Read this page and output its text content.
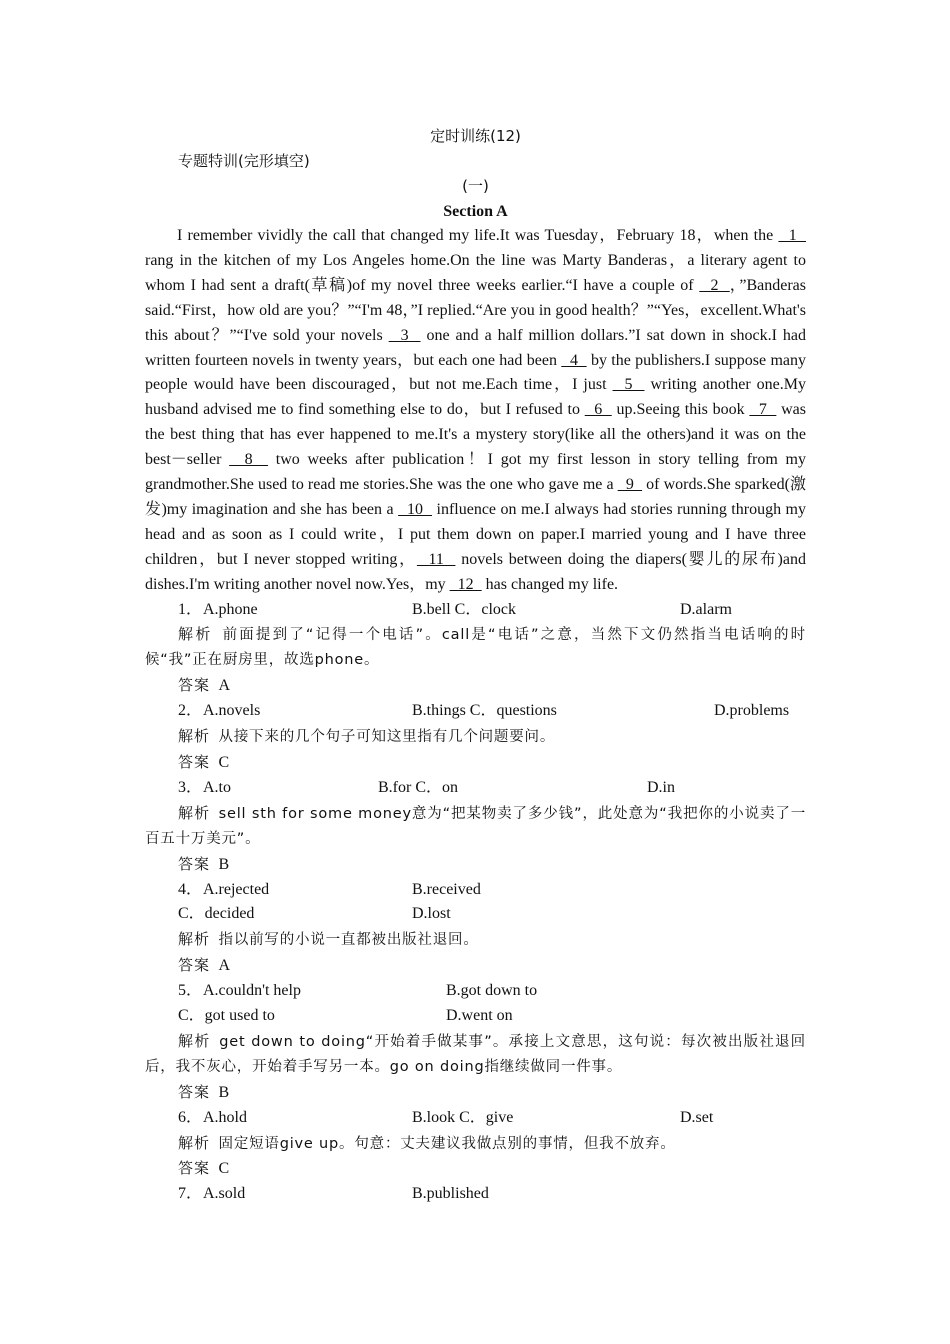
定时训练(12)
专题特训(完形填空)
(一)
Section A

I remember vividly the call that changed my life.It was Tuesday，February 18，when the   1   rang in the kitchen of my Los Angeles home.On the line was Marty Banderas，a literary agent to whom I had sent a draft(草稿)of my novel three weeks earlier.“I have a couple of   2  ，”Banderas said.“First，how old are you？”“I'm 48，”I replied.“Are you in good health？”“Yes，excellent.What's this about？”“I've sold your novels   3   one and a half million dollars.”I sat down in shock.I had written fourteen novels in twenty years，but each one had been   4   by the publishers.I suppose many people would have been discouraged，but not me.Each time，I just   5   writing another one.My husband advised me to find something else to do，but I refused to   6   up.Seeing this book   7   was the best thing that has ever happened to me.It's a mystery story(like all the others)and it was on the best－seller   8   two weeks after publication！I got my first lesson in story telling from my grandmother.She used to read me stories.She was the one who gave me a   9   of words.She sparked(激发)my imagination and she has been a   10   influence on me.I always had stories running through my head and as soon as I could write，I put them down on paper.I married young and I have three children，but I never stopped writing，  11   novels between doing the diapers(婴儿的尿布)and dishes.I'm writing another novel now.Yes，my   12   has changed my life.

1． A.phone	B.bell C．clock	D.alarm

解析 前面提到了“记得一个电话”。call是“电话”之意，当然下文仍然指当电话响的时候“我”正在厨房里，故选phone。

答案 A

2． A.novels	B.things C．questions	D.problems

解析 从接下来的几个句子可知这里指有几个问题要问。

答案 C

3． A.to	B.for C．on	D.in

解析 sell sth for some money意为“把某物卖了多少钱”，此处意为“我把你的小说卖了一百五十万美元”。

答案 B

4． A.rejected	B.received
C．decided	D.lost

解析 指以前写的小说一直都被出版社退回。

答案 A

5． A.couldn't help	B.got down to
C．got used to	D.went on

解析 get down to doing“开始着手做某事”。承接上文意思，这句说：每次被出版社退回后，我不灰心，开始着手写另一本。go on doing指继续做同一件事。

答案 B

6． A.hold	B.look C．give	D.set

解析 固定短语give up。句意：丈夫建议我做点别的事情，但我不放弃。

答案 C

7． A.sold	B.published
